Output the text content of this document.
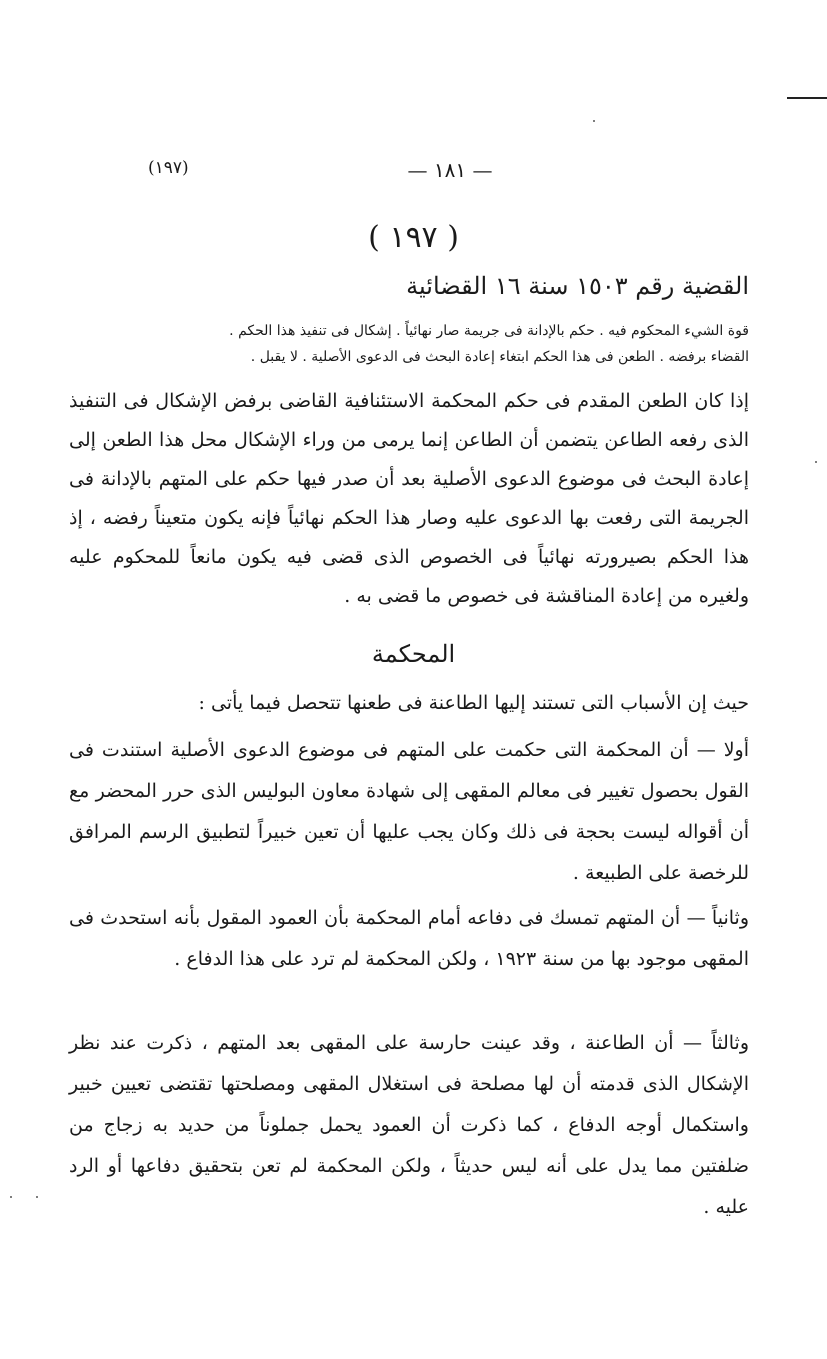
(١٩٧)	— ١٨١ —
( ١٩٧ )
القضية رقم ١٥٠٣ سنة ١٦ القضائية
قوة الشيء المحكوم فيه . حكم بالإدانة فى جريمة صار نهائياً . إشكال فى تنفيذ هذا الحكم .
القضاء برفضه . الطعن فى هذا الحكم ابتغاء إعادة البحث فى الدعوى الأصلية . لا يقبل .
إذا كان الطعن المقدم فى حكم المحكمة الاستئنافية القاضى برفض الإشكال فى التنفيذ الذى رفعه الطاعن يتضمن أن الطاعن إنما يرمى من وراء الإشكال محل هذا الطعن إلى إعادة البحث فى موضوع الدعوى الأصلية بعد أن صدر فيها حكم على المتهم بالإدانة فى الجريمة التى رفعت بها الدعوى عليه وصار هذا الحكم نهائياً فإنه يكون متعيناً رفضه ، إذ هذا الحكم بصيرورته نهائياً فى الخصوص الذى قضى فيه يكون مانعاً للمحكوم عليه ولغيره من إعادة المناقشة فى خصوص ما قضى به .
المحكمة
حيث إن الأسباب التى تستند إليها الطاعنة فى طعنها تتحصل فيما يأتى :
أولا — أن المحكمة التى حكمت على المتهم فى موضوع الدعوى الأصلية استندت فى القول بحصول تغيير فى معالم المقهى إلى شهادة معاون البوليس الذى حرر المحضر مع أن أقواله ليست بحجة فى ذلك وكان يجب عليها أن تعين خبيراً لتطبيق الرسم المرافق للرخصة على الطبيعة .
وثانياً — أن المتهم تمسك فى دفاعه أمام المحكمة بأن العمود المقول بأنه استحدث فى المقهى موجود بها من سنة ١٩٢٣ ، ولكن المحكمة لم ترد على هذا الدفاع .
وثالثاً — أن الطاعنة ، وقد عينت حارسة على المقهى بعد المتهم ، ذكرت عند نظر الإشكال الذى قدمته أن لها مصلحة فى استغلال المقهى ومصلحتها تقتضى تعيين خبير واستكمال أوجه الدفاع ، كما ذكرت أن العمود يحمل جملوناً من حديد به زجاج من ضلفتين مما يدل على أنه ليس حديثاً ، ولكن المحكمة لم تعن بتحقيق دفاعها أو الرد عليه .
